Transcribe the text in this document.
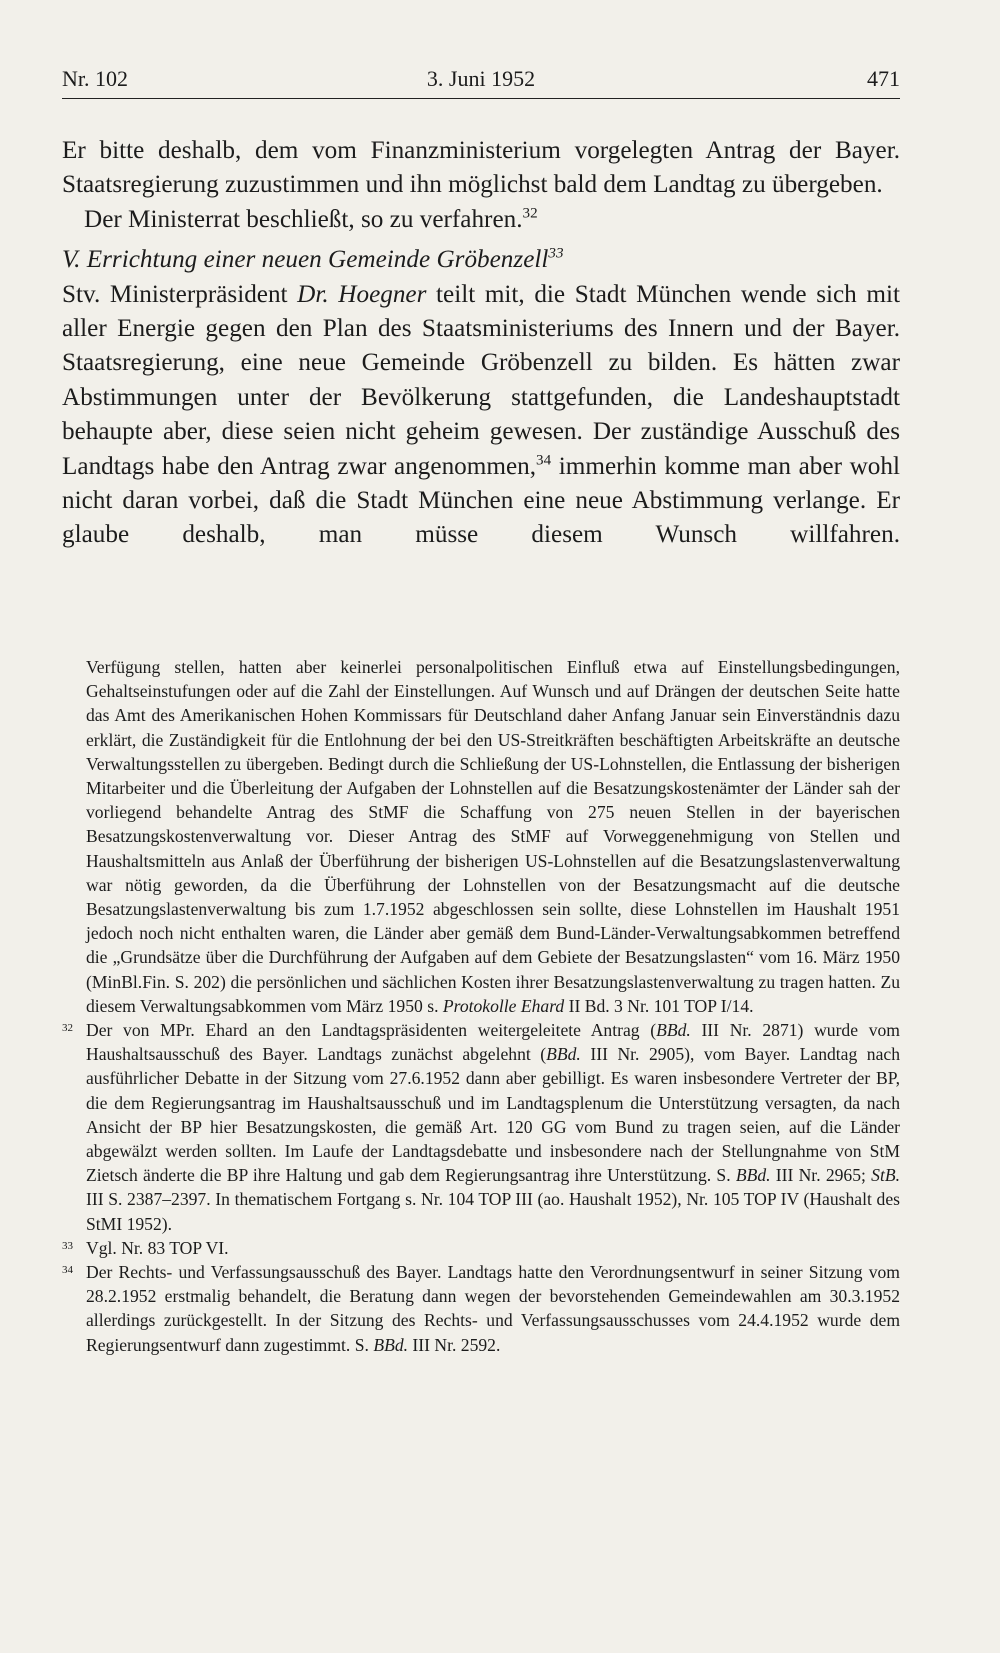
Nr. 102	3. Juni 1952	471

Er bitte deshalb, dem vom Finanzministerium vorgelegten Antrag der Bayer. Staatsregierung zuzustimmen und ihn möglichst bald dem Landtag zu übergeben.

Der Ministerrat beschließt, so zu verfahren.$^{32}$

V. Errichtung einer neuen Gemeinde Gröbenzell$^{33}$

Stv. Ministerpräsident Dr. Hoegner teilt mit, die Stadt München wende sich mit aller Energie gegen den Plan des Staatsministeriums des Innern und der Bayer. Staatsregierung, eine neue Gemeinde Gröbenzell zu bilden. Es hätten zwar Abstimmungen unter der Bevölkerung stattgefunden, die Landeshauptstadt behaupte aber, diese seien nicht geheim gewesen. Der zuständige Ausschuß des Landtags habe den Antrag zwar angenommen,$^{34}$ immerhin komme man aber wohl nicht daran vorbei, daß die Stadt München eine neue Abstimmung verlange. Er glaube deshalb, man müsse diesem Wunsch willfahren.

Verfügung stellen, hatten aber keinerlei personalpolitischen Einfluß etwa auf Einstellungsbedingungen, Gehaltseinstufungen oder auf die Zahl der Einstellungen. Auf Wunsch und auf Drängen der deutschen Seite hatte das Amt des Amerikanischen Hohen Kommissars für Deutschland daher Anfang Januar sein Einverständnis dazu erklärt, die Zuständigkeit für die Entlohnung der bei den US-Streitkräften beschäftigten Arbeitskräfte an deutsche Verwaltungsstellen zu übergeben. Bedingt durch die Schließung der US-Lohnstellen, die Entlassung der bisherigen Mitarbeiter und die Überleitung der Aufgaben der Lohnstellen auf die Besatzungskostenämter der Länder sah der vorliegend behandelte Antrag des StMF die Schaffung von 275 neuen Stellen in der bayerischen Besatzungskostenverwaltung vor. Dieser Antrag des StMF auf Vorweggenehmigung von Stellen und Haushaltsmitteln aus Anlaß der Überführung der bisherigen US-Lohnstellen auf die Besatzungslastenverwaltung war nötig geworden, da die Überführung der Lohnstellen von der Besatzungsmacht auf die deutsche Besatzungslastenverwaltung bis zum 1.7.1952 abgeschlossen sein sollte, diese Lohnstellen im Haushalt 1951 jedoch noch nicht enthalten waren, die Länder aber gemäß dem Bund-Länder-Verwaltungsabkommen betreffend die „Grundsätze über die Durchführung der Aufgaben auf dem Gebiete der Besatzungslasten“ vom 16. März 1950 (MinBl.Fin. S. 202) die persönlichen und sächlichen Kosten ihrer Besatzungslastenverwaltung zu tragen hatten. Zu diesem Verwaltungsabkommen vom März 1950 s. Protokolle Ehard II Bd. 3 Nr. 101 TOP I/14.

32 Der von MPr. Ehard an den Landtagspräsidenten weitergeleitete Antrag (BBd. III Nr. 2871) wurde vom Haushaltsausschuß des Bayer. Landtags zunächst abgelehnt (BBd. III Nr. 2905), vom Bayer. Landtag nach ausführlicher Debatte in der Sitzung vom 27.6.1952 dann aber gebilligt. Es waren insbesondere Vertreter der BP, die dem Regierungsantrag im Haushaltsausschuß und im Landtagsplenum die Unterstützung versagten, da nach Ansicht der BP hier Besatzungskosten, die gemäß Art. 120 GG vom Bund zu tragen seien, auf die Länder abgewälzt werden sollten. Im Laufe der Landtagsdebatte und insbesondere nach der Stellungnahme von StM Zietsch änderte die BP ihre Haltung und gab dem Regierungsantrag ihre Unterstützung. S. BBd. III Nr. 2965; StB. III S. 2387–2397. In thematischem Fortgang s. Nr. 104 TOP III (ao. Haushalt 1952), Nr. 105 TOP IV (Haushalt des StMI 1952).

33 Vgl. Nr. 83 TOP VI.

34 Der Rechts- und Verfassungsausschuß des Bayer. Landtags hatte den Verordnungsentwurf in seiner Sitzung vom 28.2.1952 erstmalig behandelt, die Beratung dann wegen der bevorstehenden Gemeindewahlen am 30.3.1952 allerdings zurückgestellt. In der Sitzung des Rechts- und Verfassungsausschusses vom 24.4.1952 wurde dem Regierungsentwurf dann zugestimmt. S. BBd. III Nr. 2592.
